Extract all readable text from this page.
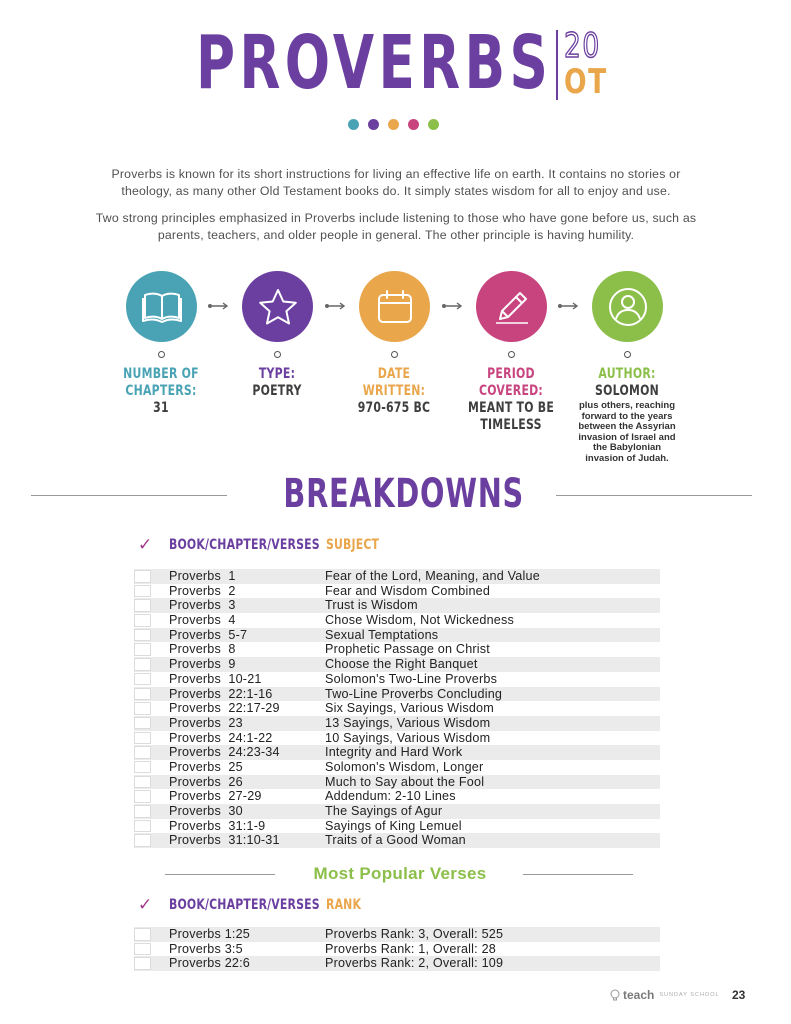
PROVERBS 20
OT
Proverbs is known for its short instructions for living an effective life on earth. It contains no stories or
theology, as many other Old Testament books do. It simply states wisdom for all to enjoy and use.
Two strong principles emphasized in Proverbs include listening to those who have gone before us, such as
parents, teachers, and older people in general. The other principle is having humility.
NUMBER OF
CHAPTERS:
31
TYPE:
POETRY
DATE WRITTEN:
970-675 BC
PERIOD COVERED:
MEANT TO BE
TIMELESS
AUTHOR:
SOLOMON
plus others, reaching
forward to the years
between the Assyrian
invasion of Israel and
the Babylonian
invasion of Judah.
BREAKDOWNS
✓ BOOK/CHAPTER/VERSES SUBJECT
Proverbs  1	Fear of the Lord, Meaning, and Value
Proverbs  2	Fear and Wisdom Combined
Proverbs  3	Trust is Wisdom
Proverbs  4	Chose Wisdom, Not Wickedness
Proverbs  5-7	Sexual Temptations
Proverbs  8	Prophetic Passage on Christ
Proverbs  9	Choose the Right Banquet
Proverbs  10-21	Solomon's Two-Line Proverbs
Proverbs  22:1-16	Two-Line Proverbs Concluding
Proverbs  22:17-29	Six Sayings, Various Wisdom
Proverbs  23	13 Sayings, Various Wisdom
Proverbs  24:1-22	10 Sayings, Various Wisdom
Proverbs  24:23-34	Integrity and Hard Work
Proverbs  25	Solomon's Wisdom, Longer
Proverbs  26	Much to Say about the Fool
Proverbs  27-29	Addendum: 2-10 Lines
Proverbs  30	The Sayings of Agur
Proverbs  31:1-9	Sayings of King Lemuel
Proverbs  31:10-31	Traits of a Good Woman
Most Popular Verses
✓ BOOK/CHAPTER/VERSES RANK
Proverbs 1:25	Proverbs Rank: 3, Overall: 525
Proverbs 3:5	Proverbs Rank: 1, Overall: 28
Proverbs 22:6	Proverbs Rank: 2, Overall: 109
teach SUNDAY SCHOOL 23
